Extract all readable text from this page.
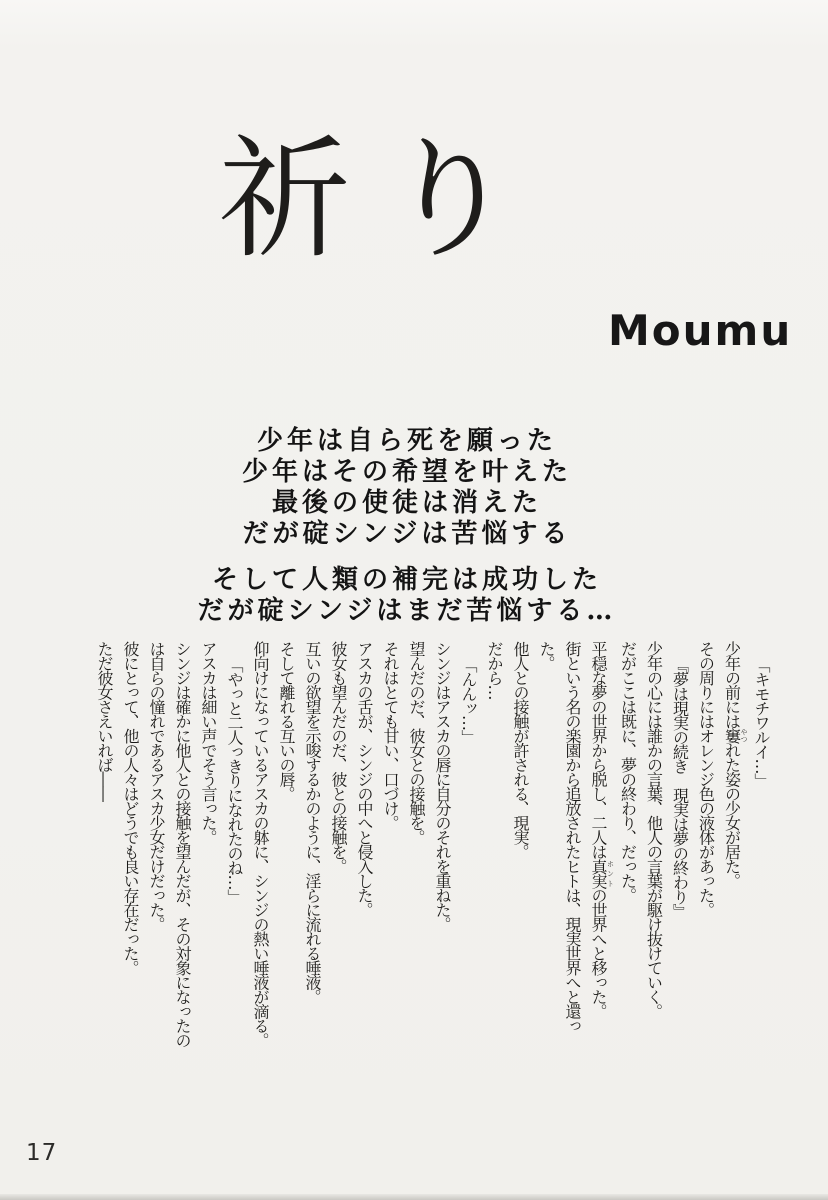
祈り
Moumu
少年は自ら死を願った
少年はその希望を叶えた
最後の使徒は消えた
だが碇シンジは苦悩する
そして人類の補完は成功した
だが碇シンジはまだ苦悩する…

「キモチワルイ…」

少年の前には窶やつれた姿の少女が居た。

その周りにはオレンジ色の液体があった。

『夢は現実の続き　現実は夢の終わり』

少年の心には誰かの言葉、他人の言葉が駆け抜けていく。

だがここは既に、夢の終わり、だった。

平穏な夢の世界から脱し、二人は真実ホントの世界へと移った。

街という名の楽園から追放されたヒトは、現実世界へと還った。

他人との接触が許される、現実。

だから…

「んんッ…」

シンジはアスカの唇に自分のそれを重ねた。

望んだのだ、彼女との接触を。

それはとても甘い、口づけ。

アスカの舌が、シンジの中へと侵入した。

彼女も望んだのだ、彼との接触を。

互いの欲望を示唆するかのように、淫らに流れる唾液。

そして離れる互いの唇。

仰向けになっているアスカの躰に、シンジの熱い唾液が滴る。

「やっと二人っきりになれたのね…」

アスカは細い声でそう言った。

シンジは確かに他人との接触を望んだが、その対象になったのは自らの憧れであるアスカ少女だけだった。

彼にとって、他の人々はどうでも良い存在だった。

ただ彼女さえいれば――

17
